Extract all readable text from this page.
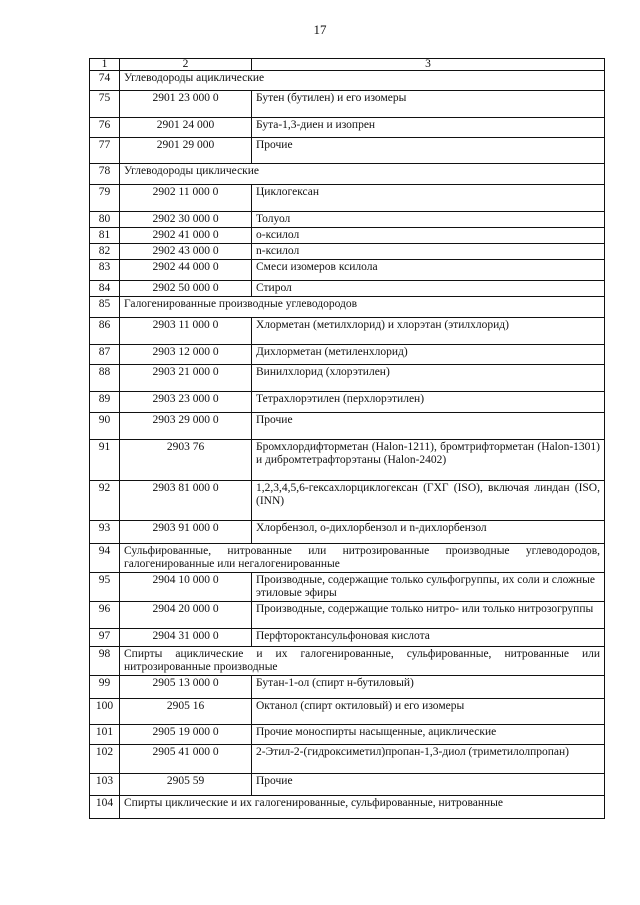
17
1	2	3
74	Углеводороды ациклические	
75	2901 23 000 0	Бутен (бутилен) и его изомеры
76	2901 24 000	Бута-1,3-диен и изопрен
77	2901 29 000	Прочие
78	Углеводороды циклические	
79	2902 11 000 0	Циклогексан
80	2902 30 000 0	Толуол
81	2902 41 000 0	о-ксилол
82	2902 43 000 0	n-ксилол
83	2902 44 000 0	Смеси изомеров ксилола
84	2902 50 000 0	Стирол
85	Галогенированные производные углеводородов	
86	2903 11 000 0	Хлорметан (метилхлорид) и хлорэтан (этилхлорид)
87	2903 12 000 0	Дихлорметан (метиленхлорид)
88	2903 21 000 0	Винилхлорид (хлорэтилен)
89	2903 23 000 0	Тетрахлорэтилен (перхлорэтилен)
90	2903 29 000 0	Прочие
91	2903 76	Бромхлордифторметан (Halon-1211), бромтрифторметан (Halon-1301) и дибромтетрафторэтаны (Halon-2402)
92	2903 81 000 0	1,2,3,4,5,6-гексахлорциклогексан (ГХГ (ISO), включая линдан (ISO, (INN)
93	2903 91 000 0	Хлорбензол, о-дихлорбензол и n-дихлорбензол
94	Сульфированные, нитрованные или нитрозированные производные углеводородов, галогенированные или негалогенированные	
95	2904 10 000 0	Производные, содержащие только сульфогруппы, их соли и сложные этиловые эфиры
96	2904 20 000 0	Производные, содержащие только нитро- или только нитрозогруппы
97	2904 31 000 0	Перфтороктансульфоновая кислота
98	Спирты ациклические и их галогенированные, сульфированные, нитрованные или нитрозированные производные	
99	2905 13 000 0	Бутан-1-ол (спирт н-бутиловый)
100	2905 16	Октанол (спирт октиловый) и его изомеры
101	2905 19 000 0	Прочие моноспирты насыщенные, ациклические
102	2905 41 000 0	2-Этил-2-(гидроксиметил)пропан-1,3-диол (триметилолпропан)
103	2905 59	Прочие
104	Спирты циклические и их галогенированные, сульфированные, нитрованные	
